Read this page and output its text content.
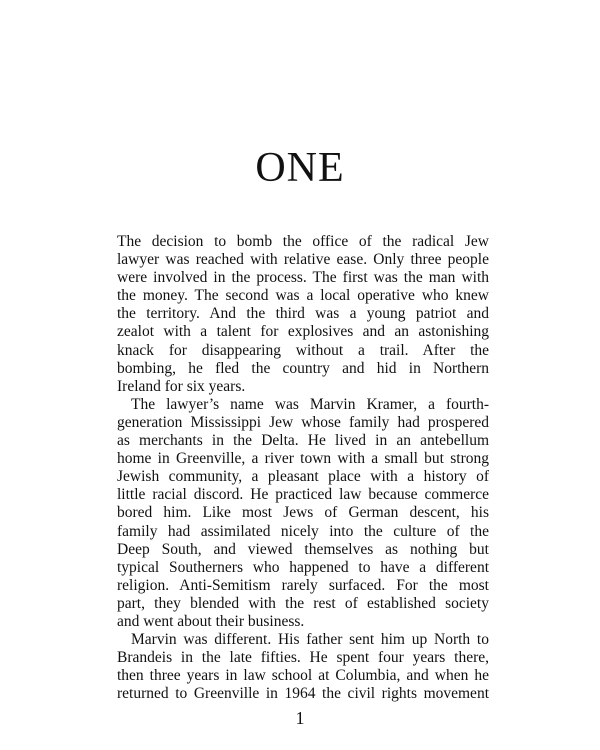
ONE
The decision to bomb the office of the radical Jew
lawyer was reached with relative ease. Only three people
were involved in the process. The first was the man with
the money. The second was a local operative who knew
the territory. And the third was a young patriot and
zealot with a talent for explosives and an astonishing
knack for disappearing without a trail. After the
bombing, he fled the country and hid in Northern
Ireland for six years.
The lawyer’s name was Marvin Kramer, a fourth-
generation Mississippi Jew whose family had prospered
as merchants in the Delta. He lived in an antebellum
home in Greenville, a river town with a small but strong
Jewish community, a pleasant place with a history of
little racial discord. He practiced law because commerce
bored him. Like most Jews of German descent, his
family had assimilated nicely into the culture of the
Deep South, and viewed themselves as nothing but
typical Southerners who happened to have a different
religion. Anti-Semitism rarely surfaced. For the most
part, they blended with the rest of established society
and went about their business.
Marvin was different. His father sent him up North to
Brandeis in the late fifties. He spent four years there,
then three years in law school at Columbia, and when he
returned to Greenville in 1964 the civil rights movement
1
